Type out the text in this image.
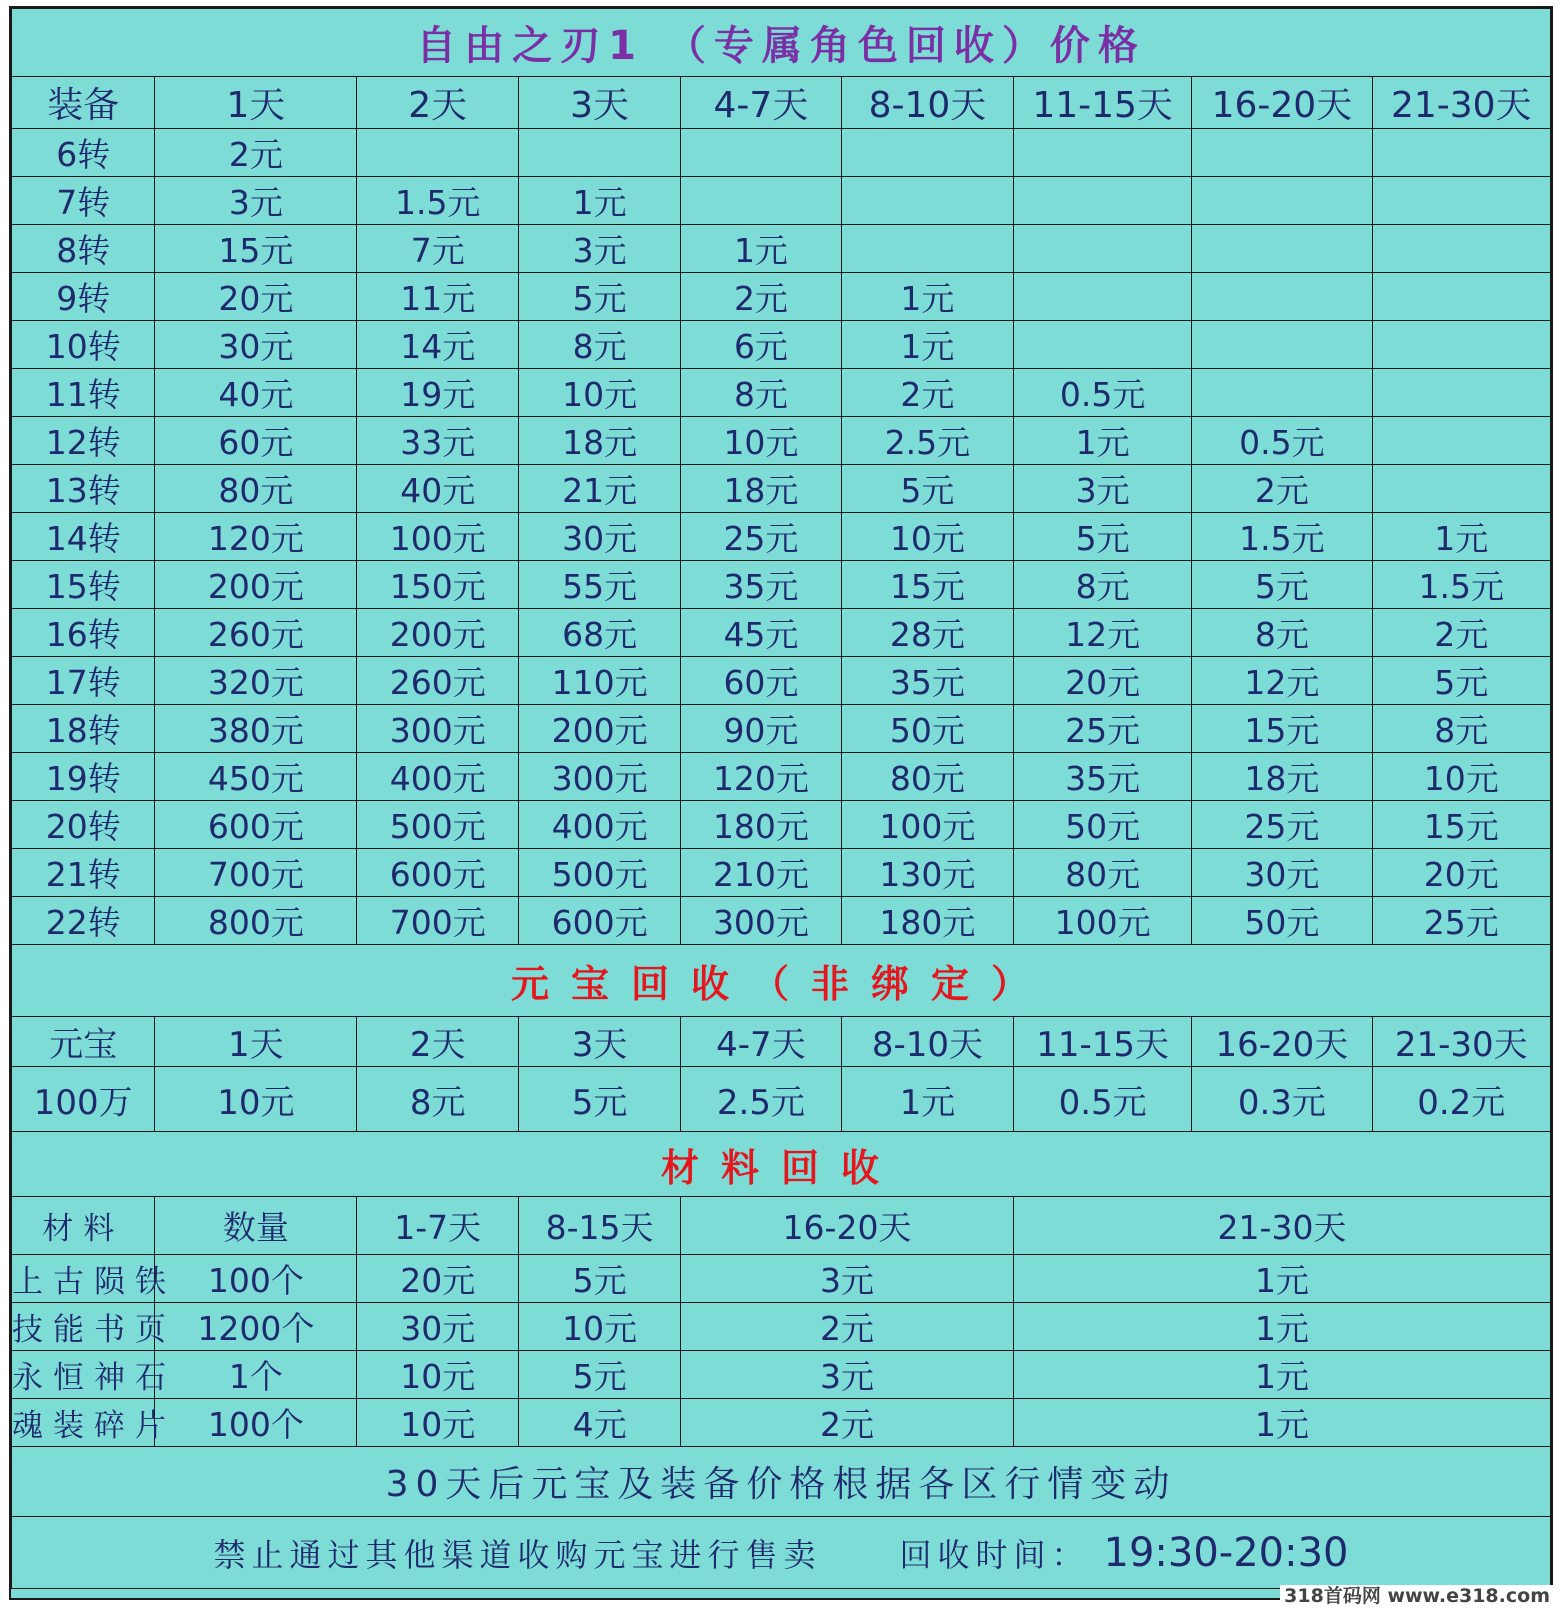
自由之刃1 （专属角色回收）价格								
装备	1天	2天	3天	4-7天	8-10天	11-15天	16-20天	21-30天
6转	2元							
7转	3元	1.5元	1元					
8转	15元	7元	3元	1元				
9转	20元	11元	5元	2元	1元			
10转	30元	14元	8元	6元	1元			
11转	40元	19元	10元	8元	2元	0.5元		
12转	60元	33元	18元	10元	2.5元	1元	0.5元	
13转	80元	40元	21元	18元	5元	3元	2元	
14转	120元	100元	30元	25元	10元	5元	1.5元	1元
15转	200元	150元	55元	35元	15元	8元	5元	1.5元
16转	260元	200元	68元	45元	28元	12元	8元	2元
17转	320元	260元	110元	60元	35元	20元	12元	5元
18转	380元	300元	200元	90元	50元	25元	15元	8元
19转	450元	400元	300元	120元	80元	35元	18元	10元
20转	600元	500元	400元	180元	100元	50元	25元	15元
21转	700元	600元	500元	210元	130元	80元	30元	20元
22转	800元	700元	600元	300元	180元	100元	50元	25元
元宝回收（非绑定）								
元宝	1天	2天	3天	4-7天	8-10天	11-15天	16-20天	21-30天
100万	10元	8元	5元	2.5元	1元	0.5元	0.3元	0.2元
材料回收								
材料	数量	1-7天	8-15天	16-20天		21-30天		
上古陨铁	100个	20元	5元	3元		1元		
技能书页	1200个	30元	10元	2元		1元		
永恒神石	1个	10元	5元	3元		1元		
魂装碎片	100个	10元	4元	2元		1元		
30天后元宝及装备价格根据各区行情变动								
禁止通过其他渠道收购元宝进行售卖 回收时间： 19:30-20:30								
318首码网 www.e318.com
